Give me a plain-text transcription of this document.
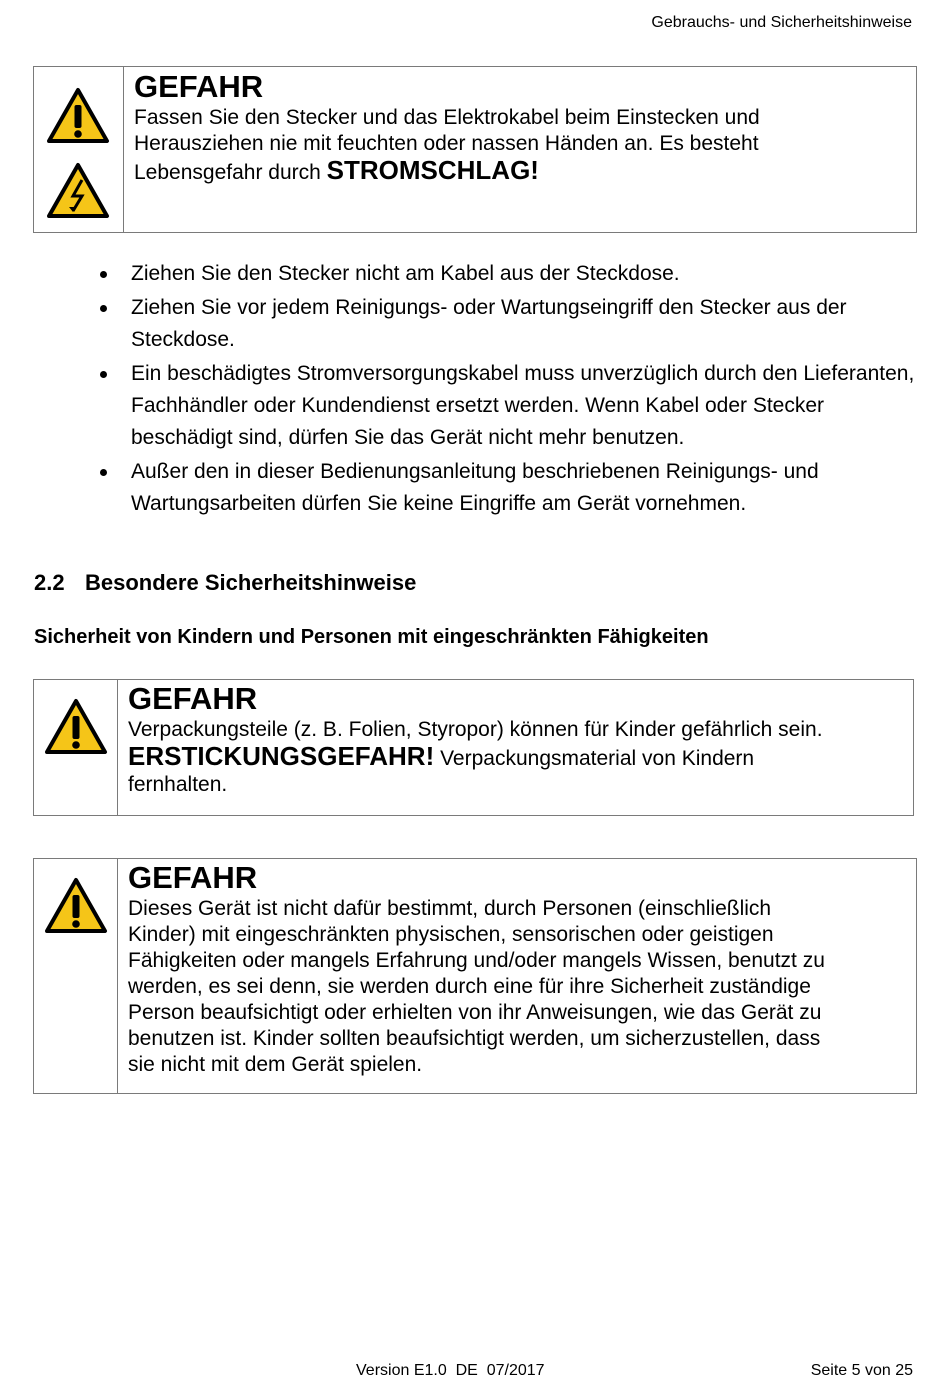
Gebrauchs- und Sicherheitshinweise
GEFAHR
Fassen Sie den Stecker und das Elektrokabel beim Einstecken und
Herausziehen nie mit feuchten oder nassen Händen an. Es besteht
Lebensgefahr durch STROMSCHLAG!
Ziehen Sie den Stecker nicht am Kabel aus der Steckdose.
Ziehen Sie vor jedem Reinigungs- oder Wartungseingriff den Stecker aus der Steckdose.
Ein beschädigtes Stromversorgungskabel muss unverzüglich durch den Lieferanten, Fachhändler oder Kundendienst ersetzt werden. Wenn Kabel oder Stecker beschädigt sind, dürfen Sie das Gerät nicht mehr benutzen.
Außer den in dieser Bedienungsanleitung beschriebenen Reinigungs- und Wartungsarbeiten dürfen Sie keine Eingriffe am Gerät vornehmen.
2.2 Besondere Sicherheitshinweise
Sicherheit von Kindern und Personen mit eingeschränkten Fähigkeiten
GEFAHR
Verpackungsteile (z. B. Folien, Styropor) können für Kinder gefährlich sein.
ERSTICKUNGSGEFAHR! Verpackungsmaterial von Kindern
fernhalten.
GEFAHR
Dieses Gerät ist nicht dafür bestimmt, durch Personen (einschließlich
Kinder) mit eingeschränkten physischen, sensorischen oder geistigen
Fähigkeiten oder mangels Erfahrung und/oder mangels Wissen, benutzt zu
werden, es sei denn, sie werden durch eine für ihre Sicherheit zuständige
Person beaufsichtigt oder erhielten von ihr Anweisungen, wie das Gerät zu
benutzen ist. Kinder sollten beaufsichtigt werden, um sicherzustellen, dass
sie nicht mit dem Gerät spielen.
Version E1.0  DE  07/2017	Seite 5 von 25
